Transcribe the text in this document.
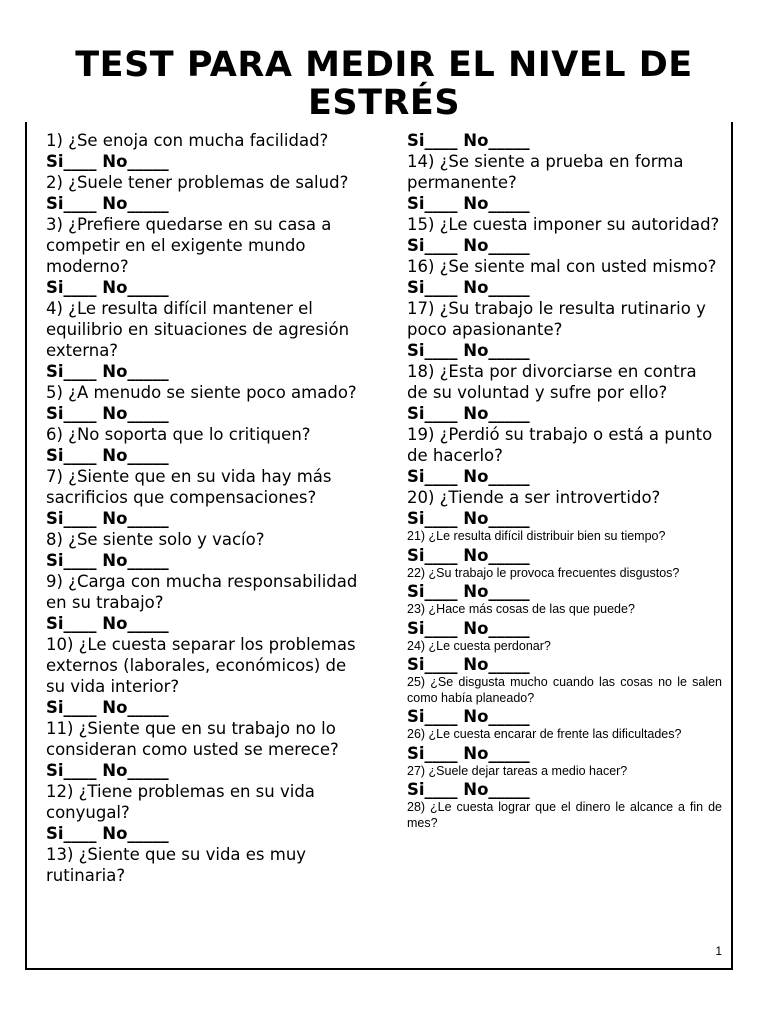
TEST PARA MEDIR EL NIVEL DE ESTRÉS
1) ¿Se enoja con mucha facilidad?
Si____ No_____
2) ¿Suele tener problemas de salud?
Si____ No_____
3) ¿Prefiere quedarse en su casa a competir en el exigente mundo moderno?
Si____ No_____
4) ¿Le resulta difícil mantener el equilibrio en situaciones de agresión externa?
Si____ No_____
5) ¿A menudo se siente poco amado?
Si____ No_____
6) ¿No soporta que lo critiquen?
Si____ No_____
7) ¿Siente que en su vida hay más sacrificios que compensaciones?
Si____ No_____
8) ¿Se siente solo y vacío?
Si____ No_____
9) ¿Carga con mucha responsabilidad en su trabajo?
Si____ No_____
10) ¿Le cuesta separar los problemas  externos (laborales, económicos) de su vida interior?
Si____ No_____
11) ¿Siente que en su trabajo no lo consideran como usted se merece?
Si____ No_____
12) ¿Tiene problemas en su vida conyugal?
Si____ No_____
13) ¿Siente que su vida es muy rutinaria?
Si____ No_____
14) ¿Se siente a prueba en forma permanente?
Si____ No_____
15) ¿Le cuesta imponer su autoridad?
Si____ No_____
16) ¿Se siente mal con usted mismo?
Si____ No_____
17) ¿Su trabajo le resulta rutinario y poco apasionante?
Si____ No_____
18) ¿Esta por divorciarse en contra de su voluntad y sufre por ello?
Si____ No_____
19) ¿Perdió su trabajo o está a punto de hacerlo?
Si____ No_____
20) ¿Tiende a ser introvertido?
Si____ No_____
21) ¿Le resulta difícil distribuir bien su tiempo?
Si____ No_____
22) ¿Su trabajo le provoca frecuentes disgustos?
Si____ No_____
23) ¿Hace más cosas de las que puede?
Si____ No_____
24) ¿Le cuesta perdonar?
Si____ No_____
25) ¿Se disgusta mucho cuando las cosas no le salen como había planeado?
Si____ No_____
26) ¿Le cuesta encarar de frente las dificultades?
Si____ No_____
27) ¿Suele dejar tareas a medio hacer?
Si____ No_____
28) ¿Le cuesta lograr que el dinero le alcance a fin de mes?
1
